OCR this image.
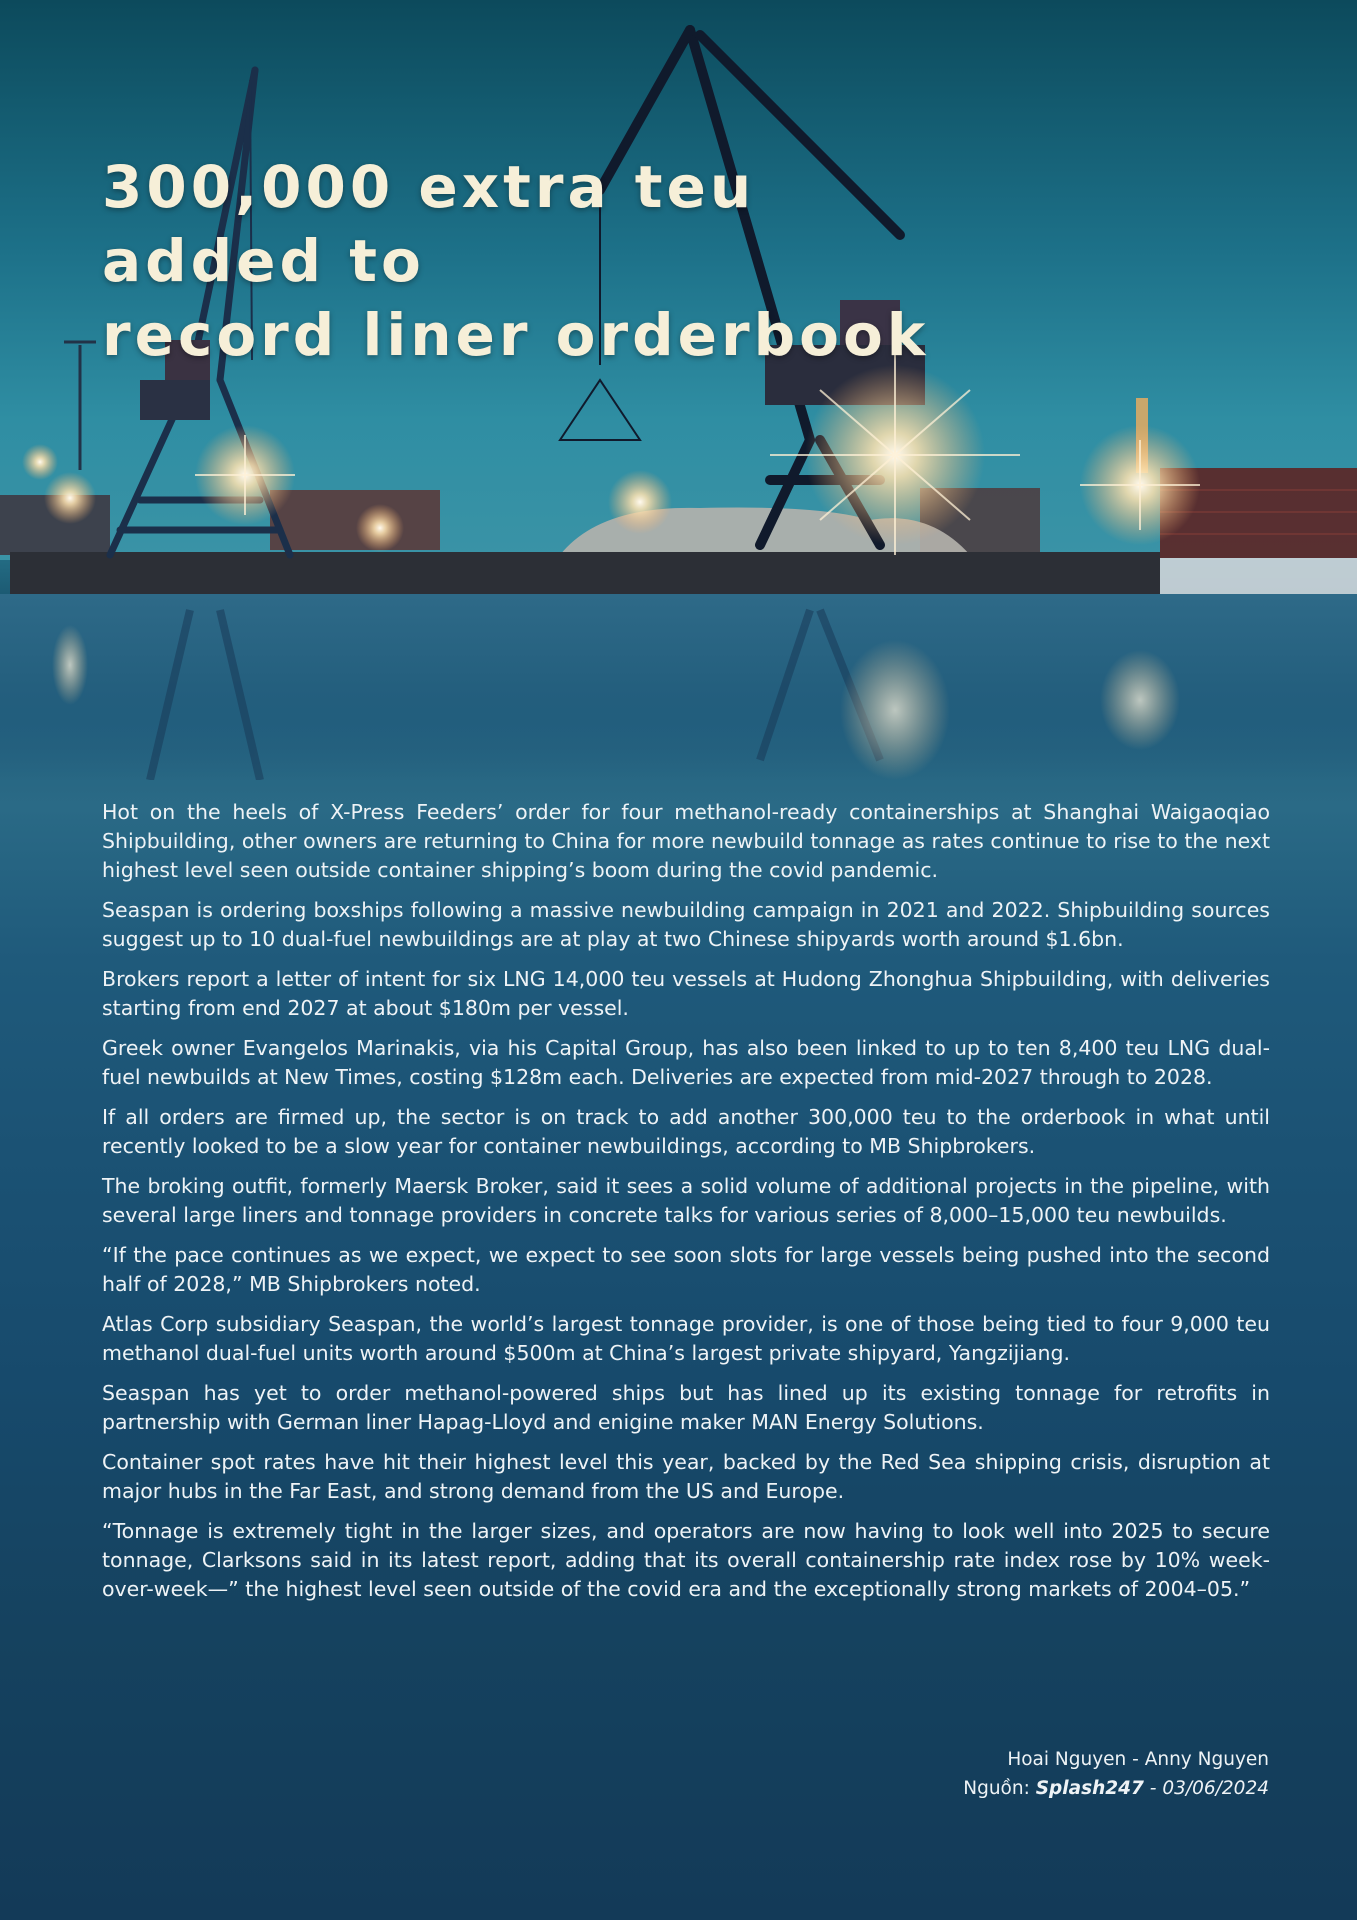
300,000 extra teu added to
record liner orderbook

Hot on the heels of X-Press Feeders’ order for four methanol-ready containerships at Shanghai Waigaoqiao Shipbuilding, other owners are returning to China for more newbuild tonnage as rates continue to rise to the next highest level seen outside container shipping’s boom during the covid pandemic.

Seaspan is ordering boxships following a massive newbuilding campaign in 2021 and 2022. Shipbuilding sources suggest up to 10 dual-fuel newbuildings are at play at two Chinese shipyards worth around $1.6bn.

Brokers report a letter of intent for six LNG 14,000 teu vessels at Hudong Zhonghua Shipbuilding, with deliveries starting from end 2027 at about $180m per vessel.

Greek owner Evangelos Marinakis, via his Capital Group, has also been linked to up to ten 8,400 teu LNG dual-fuel newbuilds at New Times, costing $128m each. Deliveries are expected from mid-2027 through to 2028.

If all orders are firmed up, the sector is on track to add another 300,000 teu to the orderbook in what until recently looked to be a slow year for container newbuildings, according to MB Shipbrokers.

The broking outfit, formerly Maersk Broker, said it sees a solid volume of additional projects in the pipeline, with several large liners and tonnage providers in concrete talks for various series of 8,000–15,000 teu newbuilds.

“If the pace continues as we expect, we expect to see soon slots for large vessels being pushed into the second half of 2028,” MB Shipbrokers noted.

Atlas Corp subsidiary Seaspan, the world’s largest tonnage provider, is one of those being tied to four 9,000 teu methanol dual-fuel units worth around $500m at China’s largest private shipyard, Yangzijiang.

Seaspan has yet to order methanol-powered ships but has lined up its existing tonnage for retrofits in partnership with German liner Hapag-Lloyd and enigine maker MAN Energy Solutions.

Container spot rates have hit their highest level this year, backed by the Red Sea shipping crisis, disruption at major hubs in the Far East, and strong demand from the US and Europe.

“Tonnage is extremely tight in the larger sizes, and operators are now having to look well into 2025 to secure tonnage, Clarksons said in its latest report, adding that its overall containership rate index rose by 10% week-over-week—” the highest level seen outside of the covid era and the exceptionally strong markets of 2004–05.”

Hoai Nguyen - Anny Nguyen
Nguồn: Splash247 - 03/06/2024
